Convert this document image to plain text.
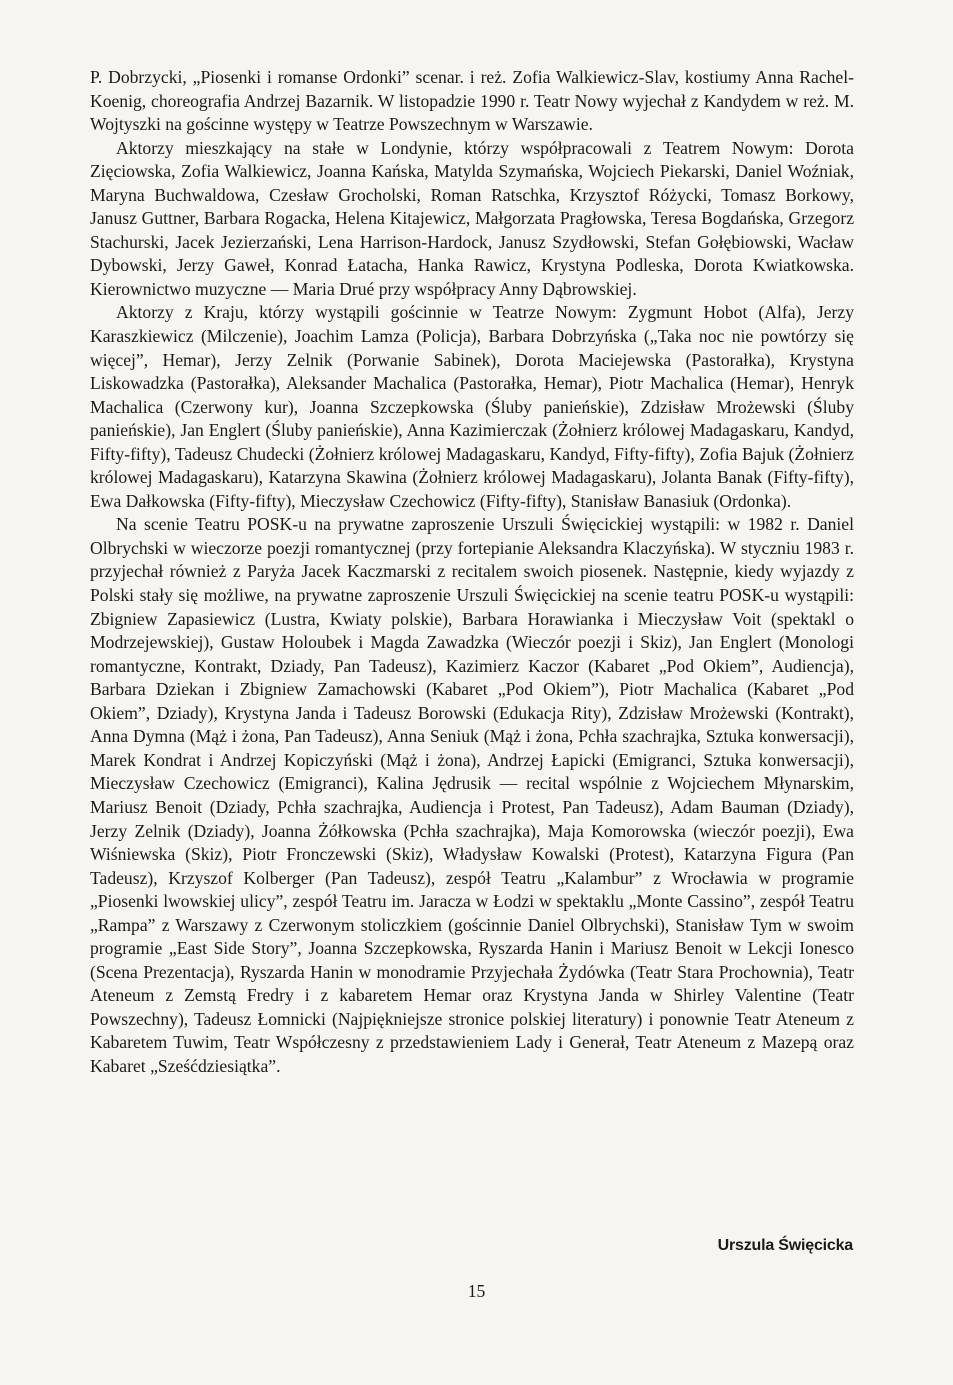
P. Dobrzycki, „Piosenki i romanse Ordonki” scenar. i reż. Zofia Walkiewicz-Slav, kostiumy Anna Rachel-Koenig, choreografia Andrzej Bazarnik. W listopadzie 1990 r. Teatr Nowy wyjechał z Kandydem w reż. M. Wojtyszki na gościnne występy w Teatrze Powszechnym w Warszawie.

Aktorzy mieszkający na stałe w Londynie, którzy współpracowali z Teatrem Nowym: Dorota Zięciowska, Zofia Walkiewicz, Joanna Kańska, Matylda Szymańska, Wojciech Piekarski, Daniel Woźniak, Maryna Buchwaldowa, Czesław Grocholski, Roman Ratschka, Krzysztof Różycki, Tomasz Borkowy, Janusz Guttner, Barbara Rogacka, Helena Kitajewicz, Małgorzata Pragłowska, Teresa Bogdańska, Grzegorz Stachurski, Jacek Jezierzański, Lena Harrison-Hardock, Janusz Szydłowski, Stefan Gołębiowski, Wacław Dybowski, Jerzy Gaweł, Konrad Łatacha, Hanka Rawicz, Krystyna Podleska, Dorota Kwiatkowska. Kierownictwo muzyczne — Maria Drué przy współpracy Anny Dąbrowskiej.

Aktorzy z Kraju, którzy wystąpili gościnnie w Teatrze Nowym: Zygmunt Hobot (Alfa), Jerzy Karaszkiewicz (Milczenie), Joachim Lamza (Policja), Barbara Dobrzyńska („Taka noc nie powtórzy się więcej”, Hemar), Jerzy Zelnik (Porwanie Sabinek), Dorota Maciejewska (Pastorałka), Krystyna Liskowadzka (Pastorałka), Aleksander Machalica (Pastorałka, Hemar), Piotr Machalica (Hemar), Henryk Machalica (Czerwony kur), Joanna Szczepkowska (Śluby panieńskie), Zdzisław Mrożewski (Śluby panieńskie), Jan Englert (Śluby panieńskie), Anna Kazimierczak (Żołnierz królowej Madagaskaru, Kandyd, Fifty-fifty), Tadeusz Chudecki (Żołnierz królowej Madagaskaru, Kandyd, Fifty-fifty), Zofia Bajuk (Żołnierz królowej Madagaskaru), Katarzyna Skawina (Żołnierz królowej Madagaskaru), Jolanta Banak (Fifty-fifty), Ewa Dałkowska (Fifty-fifty), Mieczysław Czechowicz (Fifty-fifty), Stanisław Banasiuk (Ordonka).

Na scenie Teatru POSK-u na prywatne zaproszenie Urszuli Święcickiej wystąpili: w 1982 r. Daniel Olbrychski w wieczorze poezji romantycznej (przy fortepianie Aleksandra Klaczyńska). W styczniu 1983 r. przyjechał również z Paryża Jacek Kaczmarski z recitalem swoich piosenek. Następnie, kiedy wyjazdy z Polski stały się możliwe, na prywatne zaproszenie Urszuli Święcickiej na scenie teatru POSK-u wystąpili: Zbigniew Zapasiewicz (Lustra, Kwiaty polskie), Barbara Horawianka i Mieczysław Voit (spektakl o Modrzejewskiej), Gustaw Holoubek i Magda Zawadzka (Wieczór poezji i Skiz), Jan Englert (Monologi romantyczne, Kontrakt, Dziady, Pan Tadeusz), Kazimierz Kaczor (Kabaret „Pod Okiem”, Audiencja), Barbara Dziekan i Zbigniew Zamachowski (Kabaret „Pod Okiem”), Piotr Machalica (Kabaret „Pod Okiem”, Dziady), Krystyna Janda i Tadeusz Borowski (Edukacja Rity), Zdzisław Mrożewski (Kontrakt), Anna Dymna (Mąż i żona, Pan Tadeusz), Anna Seniuk (Mąż i żona, Pchła szachrajka, Sztuka konwersacji), Marek Kondrat i Andrzej Kopiczyński (Mąż i żona), Andrzej Łapicki (Emigranci, Sztuka konwersacji), Mieczysław Czechowicz (Emigranci), Kalina Jędrusik — recital wspólnie z Wojciechem Młynarskim, Mariusz Benoit (Dziady, Pchła szachrajka, Audiencja i Protest, Pan Tadeusz), Adam Bauman (Dziady), Jerzy Zelnik (Dziady), Joanna Żółkowska (Pchła szachrajka), Maja Komorowska (wieczór poezji), Ewa Wiśniewska (Skiz), Piotr Fronczewski (Skiz), Władysław Kowalski (Protest), Katarzyna Figura (Pan Tadeusz), Krzyszof Kolberger (Pan Tadeusz), zespół Teatru „Kalambur” z Wrocławia w programie „Piosenki lwowskiej ulicy”, zespół Teatru im. Jaracza w Łodzi w spektaklu „Monte Cassino”, zespół Teatru „Rampa” z Warszawy z Czerwonym stoliczkiem (gościnnie Daniel Olbrychski), Stanisław Tym w swoim programie „East Side Story”, Joanna Szczepkowska, Ryszarda Hanin i Mariusz Benoit w Lekcji Ionesco (Scena Prezentacja), Ryszarda Hanin w monodramie Przyjechała Żydówka (Teatr Stara Prochownia), Teatr Ateneum z Zemstą Fredry i z kabaretem Hemar oraz Krystyna Janda w Shirley Valentine (Teatr Powszechny), Tadeusz Łomnicki (Najpiękniejsze stronice polskiej literatury) i ponownie Teatr Ateneum z Kabaretem Tuwim, Teatr Współczesny z przedstawieniem Lady i Generał, Teatr Ateneum z Mazepą oraz Kabaret „Sześćdziesiątka”.

Urszula Święcicka
15
